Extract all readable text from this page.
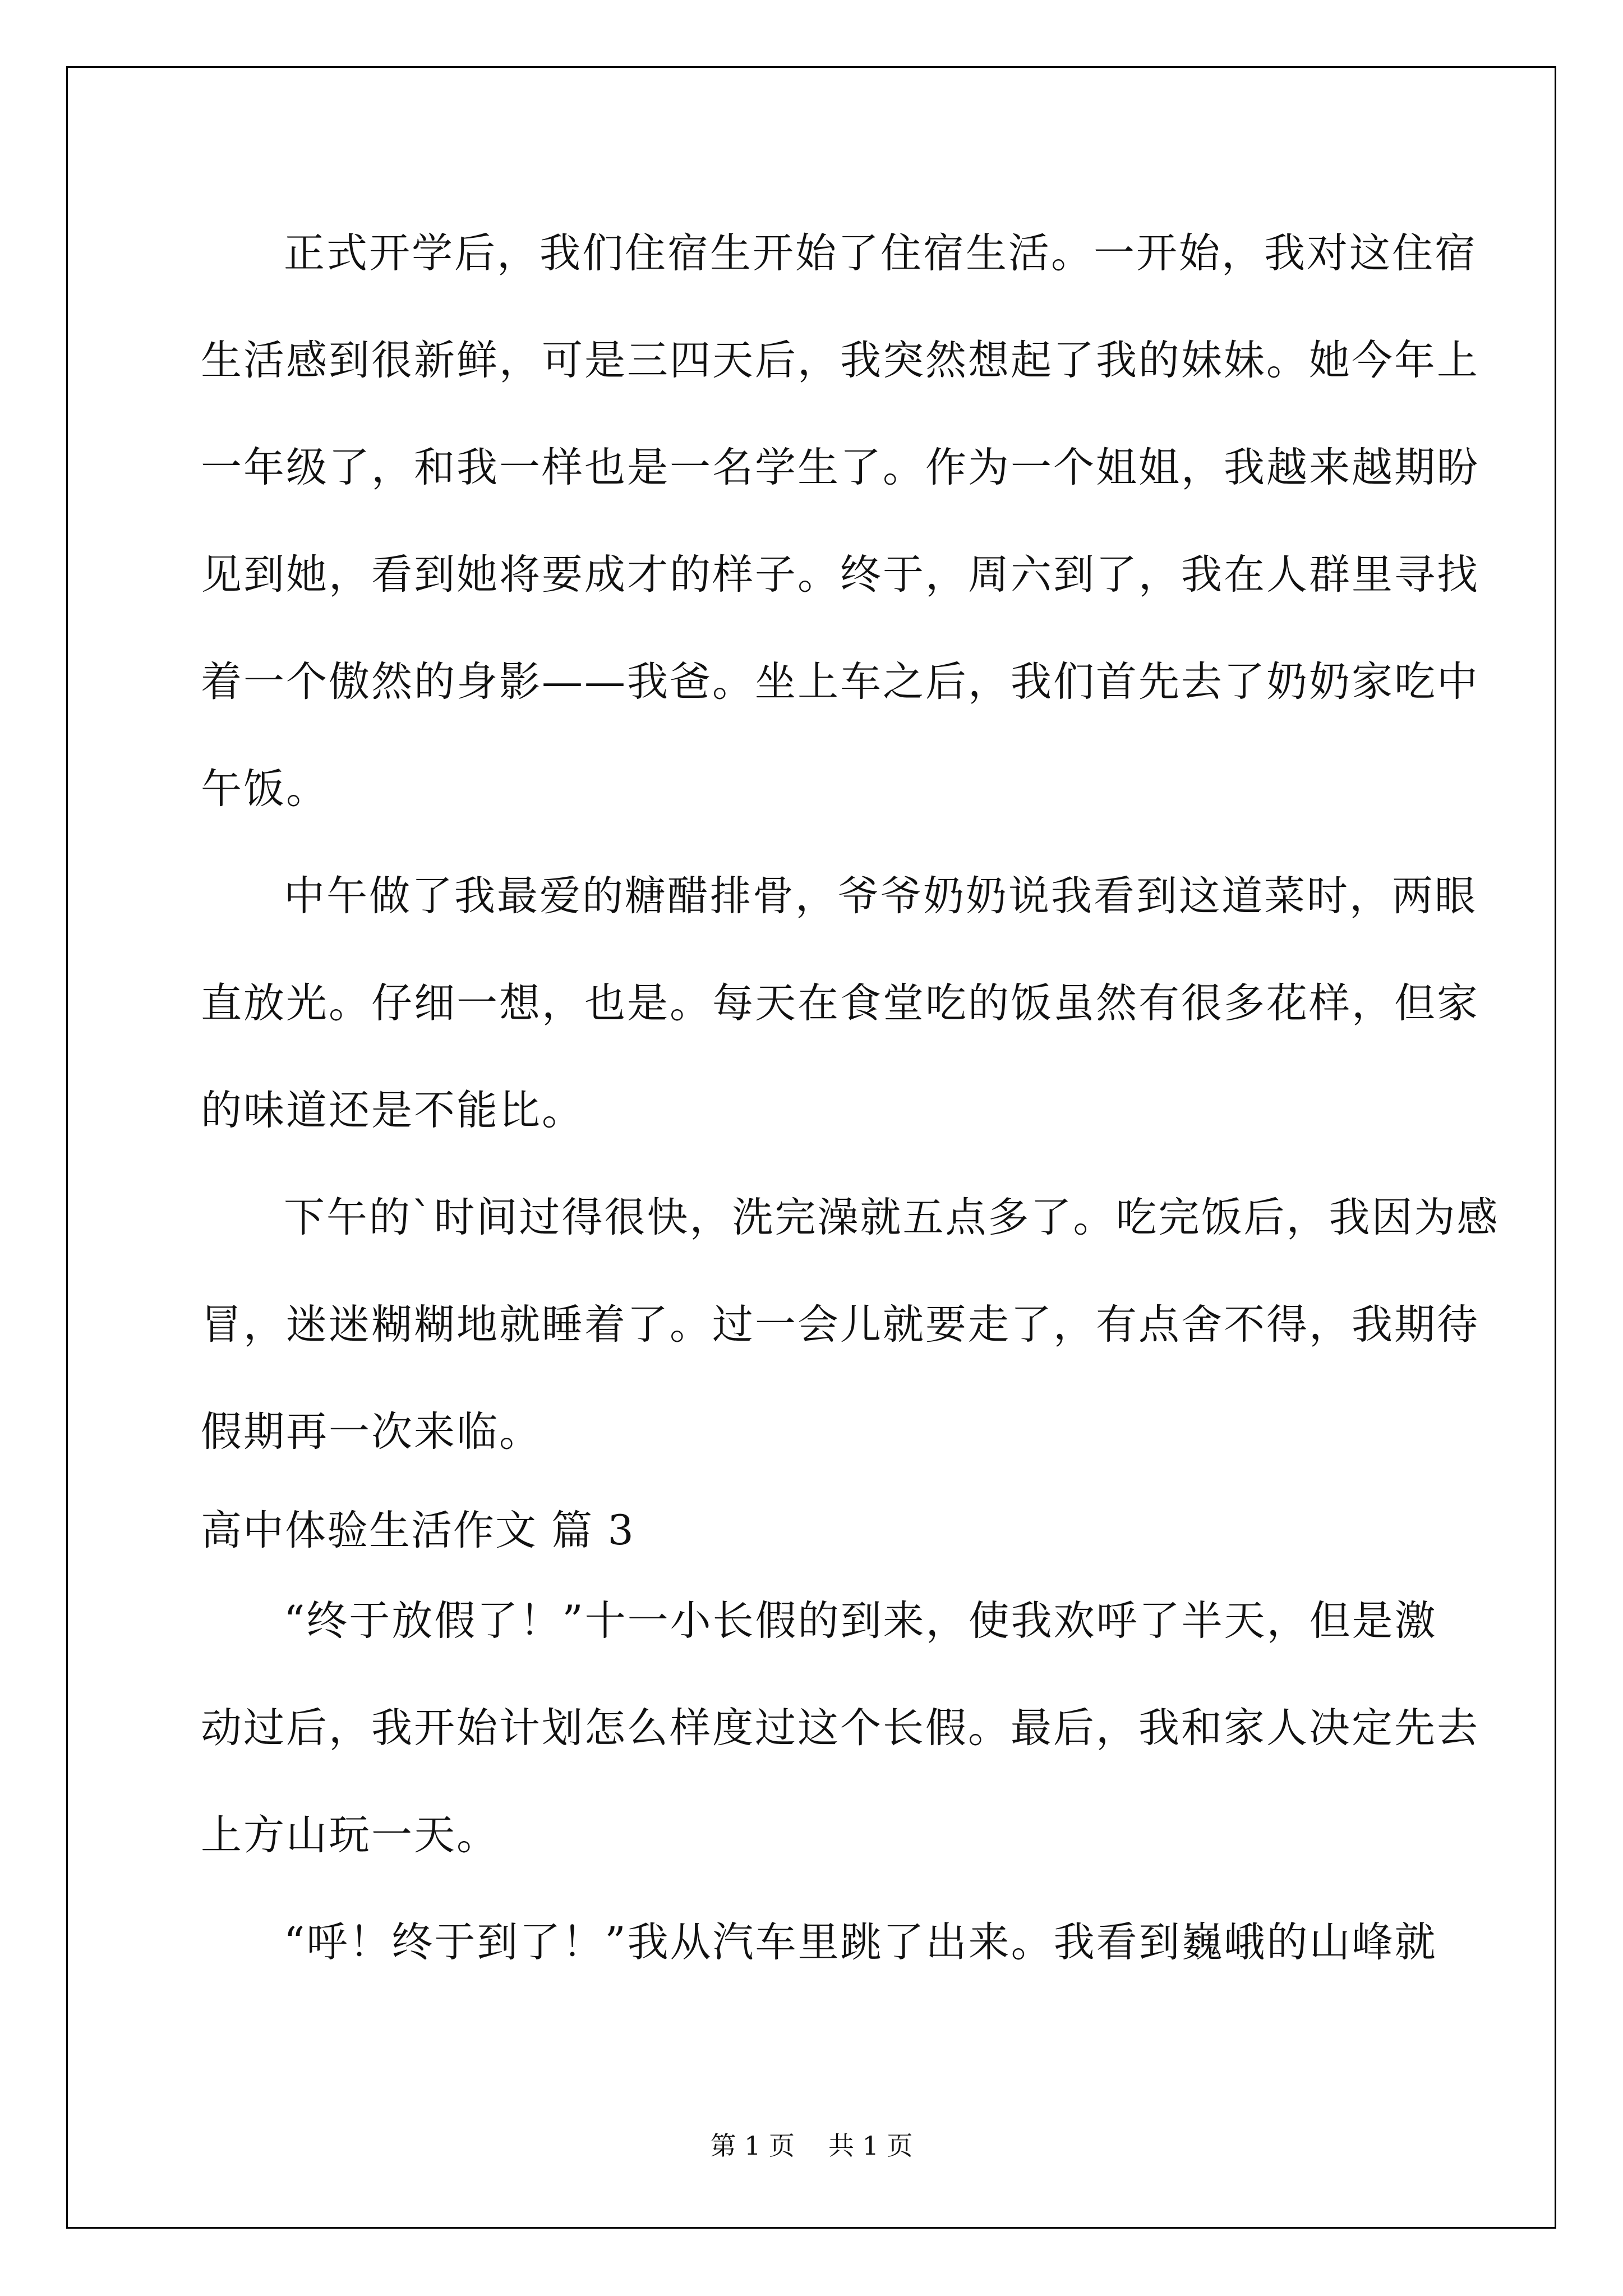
正式开学后，我们住宿生开始了住宿生活。一开始，我对这住宿
生活感到很新鲜，可是三四天后，我突然想起了我的妹妹。她今年上
一年级了，和我一样也是一名学生了。作为一个姐姐，我越来越期盼
见到她，看到她将要成才的样子。终于，周六到了，我在人群里寻找
着一个傲然的身影——我爸。坐上车之后，我们首先去了奶奶家吃中
午饭。
中午做了我最爱的糖醋排骨，爷爷奶奶说我看到这道菜时，两眼
直放光。仔细一想，也是。每天在食堂吃的饭虽然有很多花样，但家
的味道还是不能比。
下午的`时间过得很快，洗完澡就五点多了。吃完饭后，我因为感
冒，迷迷糊糊地就睡着了。过一会儿就要走了，有点舍不得，我期待
假期再一次来临。
高中体验生活作文 篇 3
“终于放假了！”十一小长假的到来，使我欢呼了半天，但是激
动过后，我开始计划怎么样度过这个长假。最后，我和家人决定先去
上方山玩一天。
“呼！终于到了！”我从汽车里跳了出来。我看到巍峨的山峰就
第 1 页 共 1 页
